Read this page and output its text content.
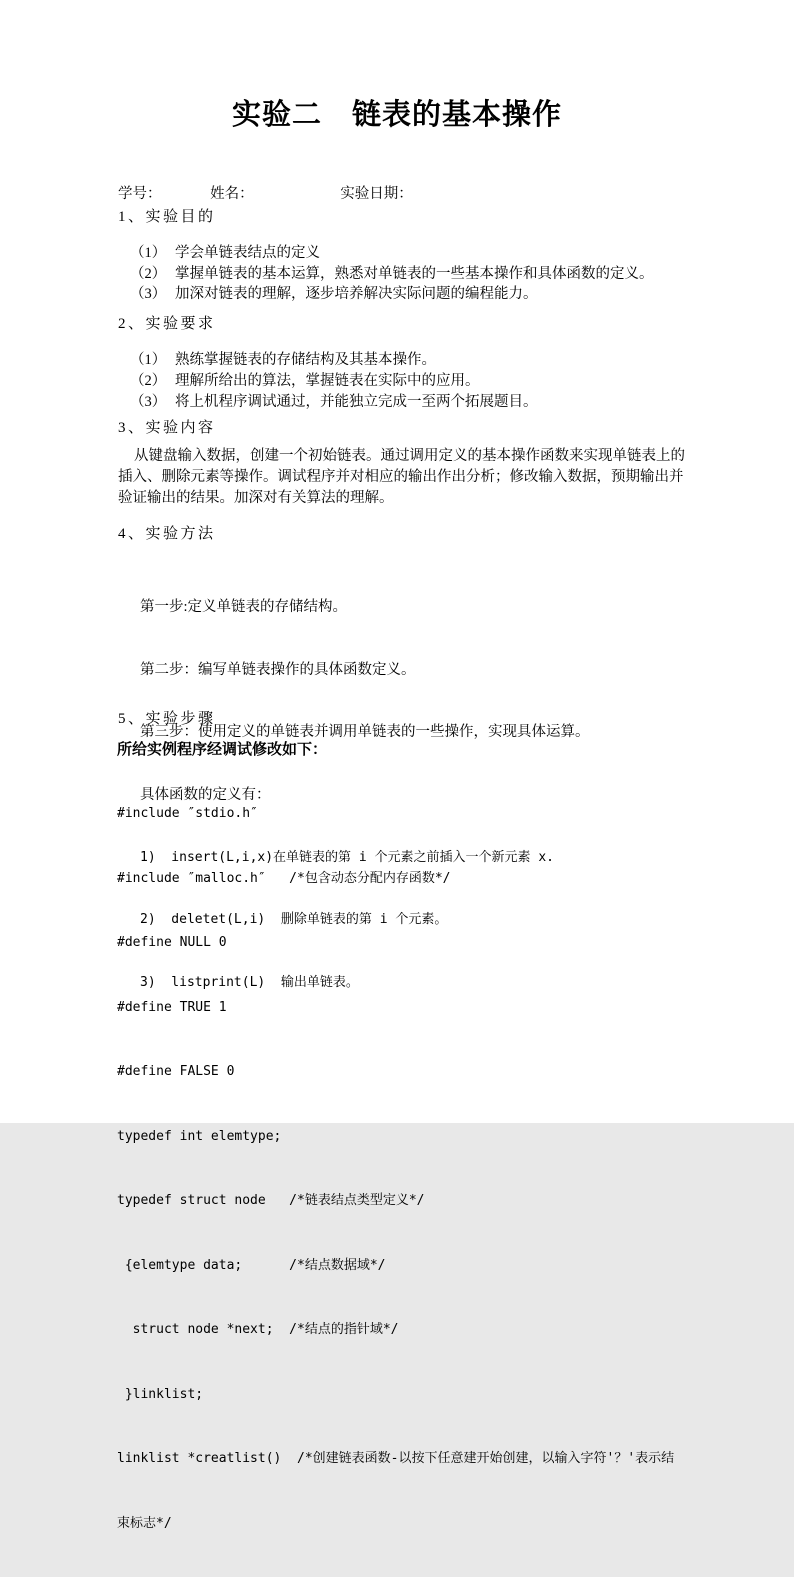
实验二　链表的基本操作
学号：	姓名：	实验日期：
1、实验目的
（1） 学会单链表结点的定义
（2） 掌握单链表的基本运算，熟悉对单链表的一些基本操作和具体函数的定义。
（3） 加深对链表的理解，逐步培养解决实际问题的编程能力。
2、实验要求
（1） 熟练掌握链表的存储结构及其基本操作。
（2） 理解所给出的算法，掌握链表在实际中的应用。
（3） 将上机程序调试通过，并能独立完成一至两个拓展题目。
3、实验内容
从键盘输入数据，创建一个初始链表。通过调用定义的基本操作函数来实现单链表上的
插入、删除元素等操作。调试程序并对相应的输出作出分析；修改输入数据，预期输出并
验证输出的结果。加深对有关算法的理解。
4、实验方法

第一步:定义单链表的存储结构。

第二步：编写单链表操作的具体函数定义。

第三步：使用定义的单链表并调用单链表的一些操作，实现具体运算。

具体函数的定义有：

1)  insert(L,i,x)在单链表的第 i 个元素之前插入一个新元素 x.

2)  deletet(L,i)  删除单链表的第 i 个元素。

3)  listprint(L)  输出单链表。

5、实验步骤
所给实例程序经调试修改如下：

#include ″stdio.h″

#include ″malloc.h″   /*包含动态分配内存函数*/

#define NULL 0

#define TRUE 1

#define FALSE 0

typedef int elemtype;

typedef struct node   /*链表结点类型定义*/

{elemtype data;      /*结点数据域*/

struct node *next;  /*结点的指针域*/

}linklist;

linklist *creatlist()  /*创建链表函数-以按下任意建开始创建，以输入字符'？'表示结

束标志*/
